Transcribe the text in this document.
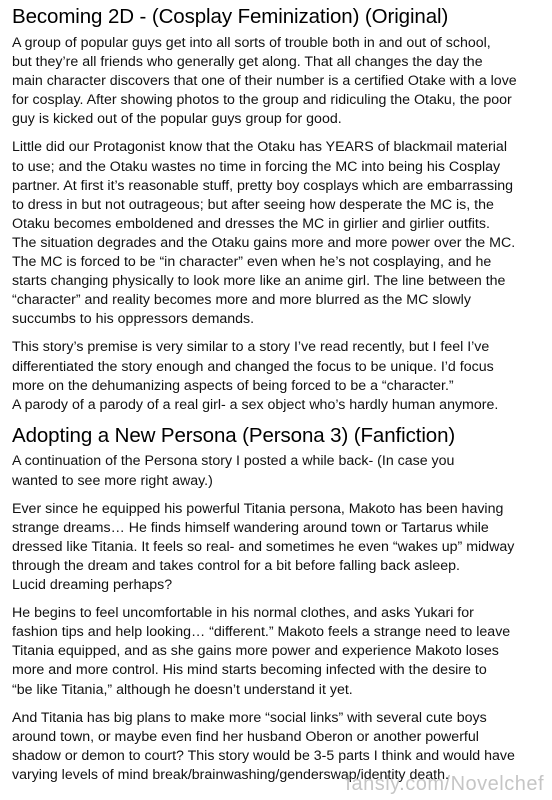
Becoming 2D - (Cosplay Feminization) (Original)

A group of popular guys get into all sorts of trouble both in and out of school,
but they’re all friends who generally get along. That all changes the day the
main character discovers that one of their number is a certified Otake with a love
for cosplay. After showing photos to the group and ridiculing the Otaku, the poor
guy is kicked out of the popular guys group for good.

Little did our Protagonist know that the Otaku has YEARS of blackmail material
to use; and the Otaku wastes no time in forcing the MC into being his Cosplay
partner. At first it’s reasonable stuff, pretty boy cosplays which are embarrassing
to dress in but not outrageous; but after seeing how desperate the MC is, the
Otaku becomes emboldened and dresses the MC in girlier and girlier outfits.
The situation degrades and the Otaku gains more and more power over the MC.
The MC is forced to be “in character” even when he’s not cosplaying, and he
starts changing physically to look more like an anime girl. The line between the
“character” and reality becomes more and more blurred as the MC slowly
succumbs to his oppressors demands.

This story’s premise is very similar to a story I’ve read recently, but I feel I’ve
differentiated the story enough and changed the focus to be unique. I’d focus
more on the dehumanizing aspects of being forced to be a “character.”
A parody of a parody of a real girl- a sex object who’s hardly human anymore.

Adopting a New Persona (Persona 3) (Fanfiction)

A continuation of the Persona story I posted a while back- (In case you
wanted to see more right away.)

Ever since he equipped his powerful Titania persona, Makoto has been having
strange dreams… He finds himself wandering around town or Tartarus while
dressed like Titania. It feels so real- and sometimes he even “wakes up” midway
through the dream and takes control for a bit before falling back asleep.
Lucid dreaming perhaps?

He begins to feel uncomfortable in his normal clothes, and asks Yukari for
fashion tips and help looking… “different.” Makoto feels a strange need to leave
Titania equipped, and as she gains more power and experience Makoto loses
more and more control. His mind starts becoming infected with the desire to
“be like Titania,” although he doesn’t understand it yet.

And Titania has big plans to make more “social links” with several cute boys
around town, or maybe even find her husband Oberon or another powerful
shadow or demon to court? This story would be 3-5 parts I think and would have
varying levels of mind break/brainwashing/genderswap/identity death.

fansly.com/Novelchef
